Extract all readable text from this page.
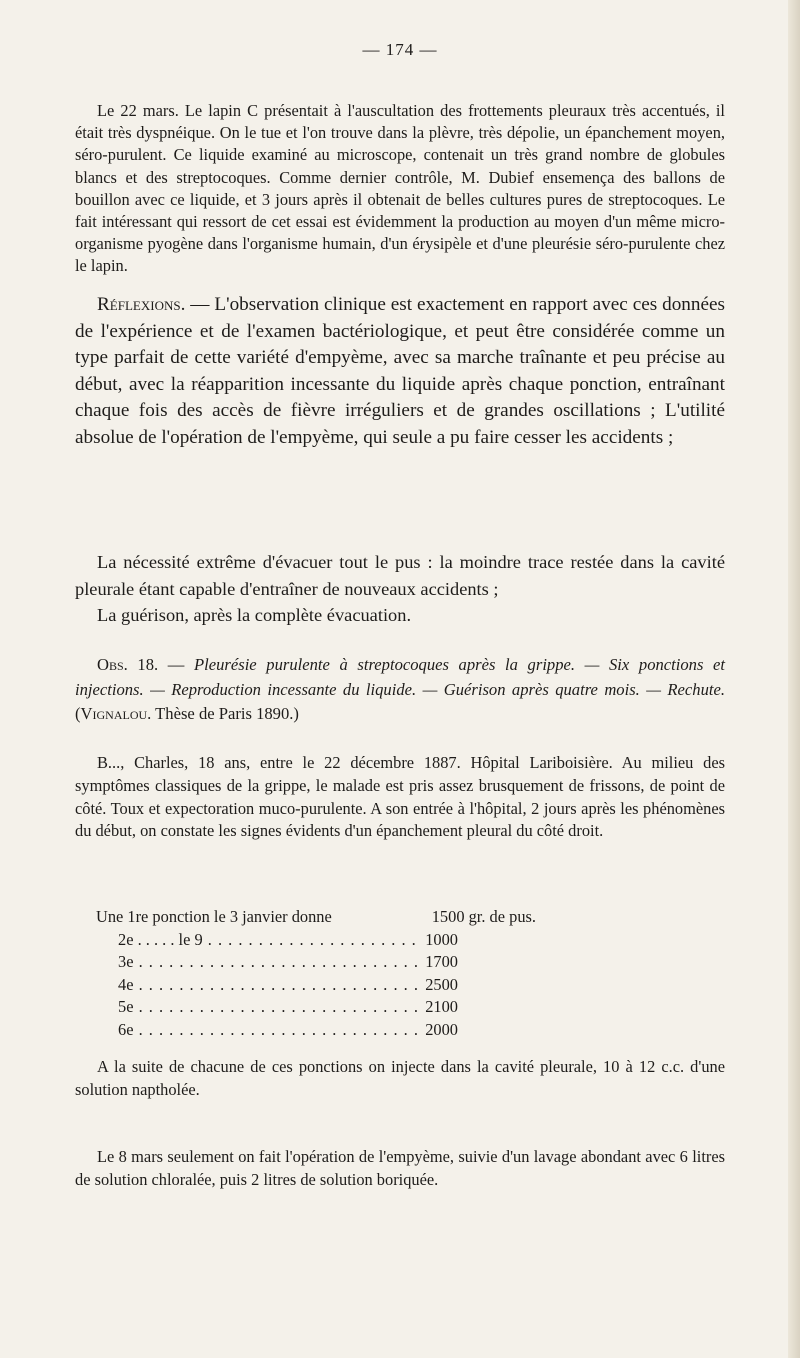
— 174 —

Le 22 mars. Le lapin C présentait à l'auscultation des frottements pleuraux très accentués, il était très dyspnéique. On le tue et l'on trouve dans la plèvre, très dépolie, un épanchement moyen, séro-purulent. Ce liquide examiné au microscope, contenait un très grand nombre de globules blancs et des streptocoques. Comme dernier contrôle, M. Dubief ensemença des ballons de bouillon avec ce liquide, et 3 jours après il obtenait de belles cultures pures de streptocoques. Le fait intéressant qui ressort de cet essai est évidemment la production au moyen d'un même micro-organisme pyogène dans l'organisme humain, d'un érysipèle et d'une pleurésie séro-purulente chez le lapin.

Réflexions. — L'observation clinique est exactement en rapport avec ces données de l'expérience et de l'examen bactériologique, et peut être considérée comme un type parfait de cette variété d'empyème, avec sa marche traînante et peu précise au début, avec la réapparition incessante du liquide après chaque ponction, entraînant chaque fois des accès de fièvre irréguliers et de grandes oscillations ; L'utilité absolue de l'opération de l'empyème, qui seule a pu faire cesser les accidents ;

La nécessité extrême d'évacuer tout le pus : la moindre trace restée dans la cavité pleurale étant capable d'entraîner de nouveaux accidents ;

La guérison, après la complète évacuation.

Obs. 18. — Pleurésie purulente à streptocoques après la grippe. — Six ponctions et injections. — Reproduction incessante du liquide. — Guérison après quatre mois. — Rechute. (Vignalou. Thèse de Paris 1890.)

B..., Charles, 18 ans, entre le 22 décembre 1887. Hôpital Lariboisière. Au milieu des symptômes classiques de la grippe, le malade est pris assez brusquement de frissons, de point de côté. Toux et expectoration muco-purulente. A son entrée à l'hôpital, 2 jours après les phénomènes du début, on constate les signes évidents d'un épanchement pleural du côté droit.

Une 1re ponction le 3 janvier donne	1500 gr. de pus.
2e . . . . . le 9 . . .	1000
3e . . .	1700
4e . . .	2500
5e . . .	2100
6e . . .	2000

A la suite de chacune de ces ponctions on injecte dans la cavité pleurale, 10 à 12 c.c. d'une solution naptholée.

Le 8 mars seulement on fait l'opération de l'empyème, suivie d'un lavage abondant avec 6 litres de solution chloralée, puis 2 litres de solution boriquée.
